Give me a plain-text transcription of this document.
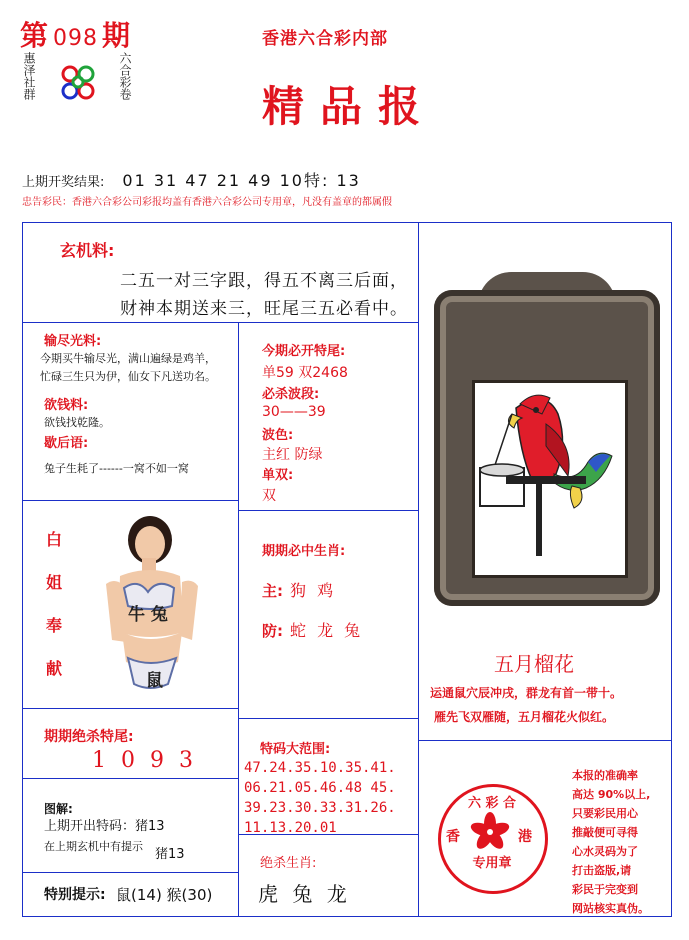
第 098 期
惠泽社群	六合彩卷
香港六合彩内部
精品报
上期开奖结果: 01 31 47 21 49 10特: 13
忠告彩民：香港六合彩公司彩报均盖有香港六合彩公司专用章，凡没有盖章的都属假
玄机料:
二五一对三字跟，得五不离三后面，
财神本期送来三，旺尾三五必看中。
输尽光料:
今期买牛输尽光，满山遍绿是鸡羊，
忙碌三生只为伊，仙女下凡送功名。
欲钱料:
欲钱找乾隆。
歇后语:
兔子生耗了------一窝不如一窝
白
姐
奉
献
牛 兔
鼠
期期绝杀特尾:
1 0 9 3
图解:
上期开出特码：猪13
在上期玄机中有提示
猪13
特别提示: 鼠(14) 猴(30)
今期必开特尾:
单59 双2468
必杀波段:
30——39
波色:
主红 防绿
单双:
双
期期必中生肖:
主: 狗 鸡
防: 蛇 龙 兔
特码大范围:
47.24.35.10.35.41.
06.21.05.46.48 45.
39.23.30.33.31.26.
11.13.20.01
绝杀生肖:
虎 兔 龙
五月榴花
运通鼠穴辰冲戌，群龙有首一带十。
雁先飞双雁随，五月榴花火似红。
六 彩 合
香	港
专用章
本报的准确率
高达 90%以上,
只要彩民用心
推敲便可寻得
心水灵码为了
打击盗版,请
彩民于完变到
网站核实真伪。
